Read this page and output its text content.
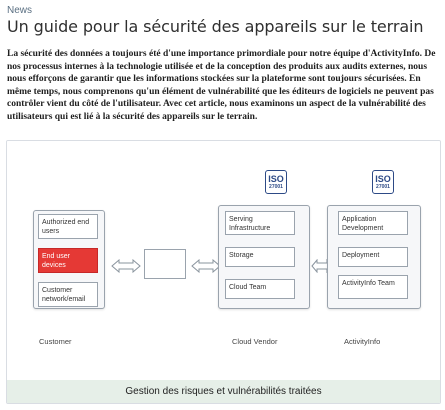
News
Un guide pour la sécurité des appareils sur le terrain
La sécurité des données a toujours été d'une importance primordiale pour notre équipe d'ActivityInfo. De nos processus internes à la technologie utilisée et de la conception des produits aux audits externes, nous nous efforçons de garantir que les informations stockées sur la plateforme sont toujours sécurisées. En même temps, nous comprenons qu'un élément de vulnérabilité que les éditeurs de logiciels ne peuvent pas contrôler vient du côté de l'utilisateur. Avec cet article, nous examinons un aspect de la vulnérabilité des utilisateurs qui est lié à la sécurité des appareils sur le terrain.
Authorized end users
End user devices
Customer network/email
Customer
ISO
27001
Serving Infrastructure
Storage
Cloud Team
Cloud Vendor
ISO
27001
Application Development
Deployment
ActivityInfo Team
ActivityInfo
Gestion des risques et vulnérabilités traitées
